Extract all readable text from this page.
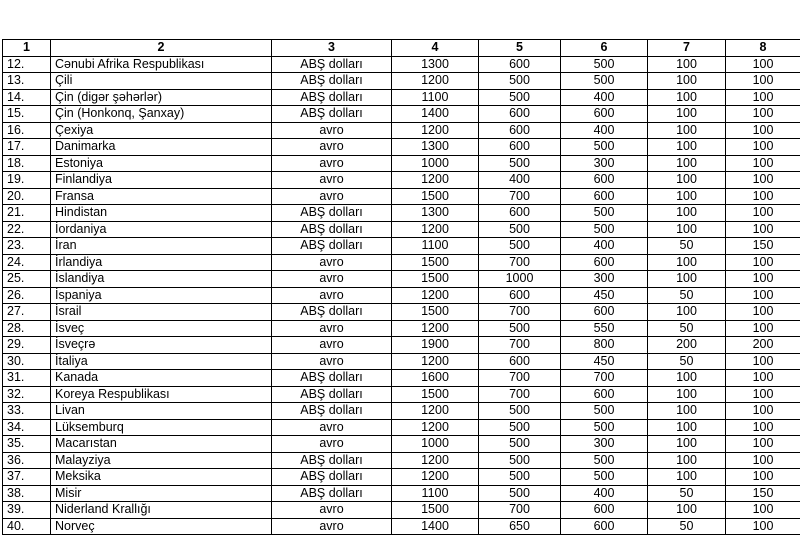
1	2	3	4	5	6	7	8
12.	Cənubi Afrika Respublikası	ABŞ dolları	1300	600	500	100	100
13.	Çili	ABŞ dolları	1200	500	500	100	100
14.	Çin (digər şəhərlər)	ABŞ dolları	1100	500	400	100	100
15.	Çin (Honkonq, Şanxay)	ABŞ dolları	1400	600	600	100	100
16.	Çexiya	avro	1200	600	400	100	100
17.	Danimarka	avro	1300	600	500	100	100
18.	Estoniya	avro	1000	500	300	100	100
19.	Finlandiya	avro	1200	400	600	100	100
20.	Fransa	avro	1500	700	600	100	100
21.	Hindistan	ABŞ dolları	1300	600	500	100	100
22.	İordaniya	ABŞ dolları	1200	500	500	100	100
23.	İran	ABŞ dolları	1100	500	400	50	150
24.	İrlandiya	avro	1500	700	600	100	100
25.	İslandiya	avro	1500	1000	300	100	100
26.	İspaniya	avro	1200	600	450	50	100
27.	İsrail	ABŞ dolları	1500	700	600	100	100
28.	İsveç	avro	1200	500	550	50	100
29.	İsveçrə	avro	1900	700	800	200	200
30.	İtaliya	avro	1200	600	450	50	100
31.	Kanada	ABŞ dolları	1600	700	700	100	100
32.	Koreya Respublikası	ABŞ dolları	1500	700	600	100	100
33.	Livan	ABŞ dolları	1200	500	500	100	100
34.	Lüksemburq	avro	1200	500	500	100	100
35.	Macarıstan	avro	1000	500	300	100	100
36.	Malayziya	ABŞ dolları	1200	500	500	100	100
37.	Meksika	ABŞ dolları	1200	500	500	100	100
38.	Misir	ABŞ dolları	1100	500	400	50	150
39.	Niderland Krallığı	avro	1500	700	600	100	100
40.	Norveç	avro	1400	650	600	50	100
